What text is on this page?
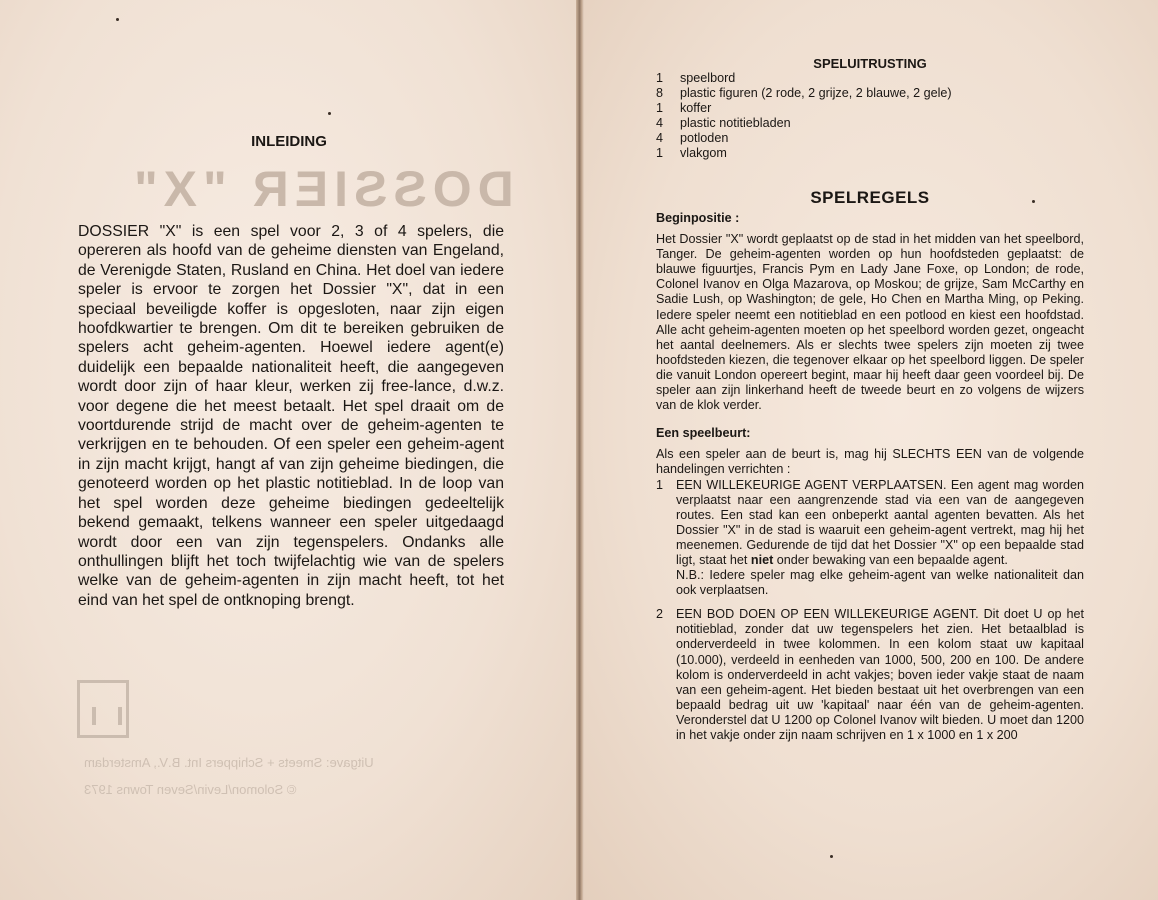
DOSSIER "X"
Uitgave: Smeets + Schippers Int. B.V., Amsterdam
© Solomon/Levin/Seven Towns 1973
INLEIDING

DOSSIER "X" is een spel voor 2, 3 of 4 spelers, die opereren als hoofd van de geheime diensten van Engeland, de Verenigde Staten, Rusland en China. Het doel van iedere speler is ervoor te zorgen het Dossier "X", dat in een speciaal beveiligde koffer is opgesloten, naar zijn eigen hoofdkwartier te brengen. Om dit te bereiken gebruiken de spelers acht geheim-agenten. Hoewel iedere agent(e) duidelijk een bepaalde nationaliteit heeft, die aangegeven wordt door zijn of haar kleur, werken zij free-lance, d.w.z. voor degene die het meest betaalt. Het spel draait om de voortdurende strijd de macht over de geheim-agenten te verkrijgen en te behouden. Of een speler een geheim-agent in zijn macht krijgt, hangt af van zijn geheime biedingen, die genoteerd worden op het plastic notitieblad. In de loop van het spel worden deze geheime biedingen gedeeltelijk bekend gemaakt, telkens wanneer een speler uitgedaagd wordt door een van zijn tegenspelers. Ondanks alle onthullingen blijft het toch twijfelachtig wie van de spelers welke van de geheim-agenten in zijn macht heeft, tot het eind van het spel de ontknoping brengt.

SPELUITRUSTING
1	speelbord
8	plastic figuren (2 rode, 2 grijze, 2 blauwe, 2 gele)
1	koffer
4	plastic notitiebladen
4	potloden
1	vlakgom
SPELREGELS
Beginpositie :

Het Dossier "X" wordt geplaatst op de stad in het midden van het speelbord, Tanger. De geheim-agenten worden op hun hoofdsteden geplaatst: de blauwe figuurtjes, Francis Pym en Lady Jane Foxe, op London; de rode, Colonel Ivanov en Olga Mazarova, op Moskou; de grijze, Sam McCarthy en Sadie Lush, op Washington; de gele, Ho Chen en Martha Ming, op Peking. Iedere speler neemt een notitieblad en een potlood en kiest een hoofdstad. Alle acht geheim-agenten moeten op het speelbord worden gezet, ongeacht het aantal deelnemers. Als er slechts twee spelers zijn moeten zij twee hoofdsteden kiezen, die tegenover elkaar op het speelbord liggen. De speler die vanuit London opereert begint, maar hij heeft daar geen voordeel bij. De speler aan zijn linkerhand heeft de tweede beurt en zo volgens de wijzers van de klok verder.

Een speelbeurt:

Als een speler aan de beurt is, mag hij SLECHTS EEN van de volgende handelingen verrichten :

1	EEN WILLEKEURIGE AGENT VERPLAATSEN. Een agent mag worden verplaatst naar een aangrenzende stad via een van de aangegeven routes. Een stad kan een onbeperkt aantal agenten bevatten. Als het Dossier "X" in de stad is waaruit een geheim-agent vertrekt, mag hij het meenemen. Gedurende de tijd dat het Dossier "X" op een bepaalde stad ligt, staat het niet onder bewaking van een bepaalde agent.
N.B.: Iedere speler mag elke geheim-agent van welke nationaliteit dan ook verplaatsen.
2	EEN BOD DOEN OP EEN WILLEKEURIGE AGENT. Dit doet U op het notitieblad, zonder dat uw tegenspelers het zien. Het betaalblad is onderverdeeld in twee kolommen. In een kolom staat uw kapitaal (10.000), verdeeld in eenheden van 1000, 500, 200 en 100. De andere kolom is onderverdeeld in acht vakjes; boven ieder vakje staat de naam van een geheim-agent. Het bieden bestaat uit het overbrengen van een bepaald bedrag uit uw 'kapitaal' naar één van de geheim-agenten. Veronderstel dat U 1200 op Colonel Ivanov wilt bieden. U moet dan 1200 in het vakje onder zijn naam schrijven en 1 x 1000 en 1 x 200
